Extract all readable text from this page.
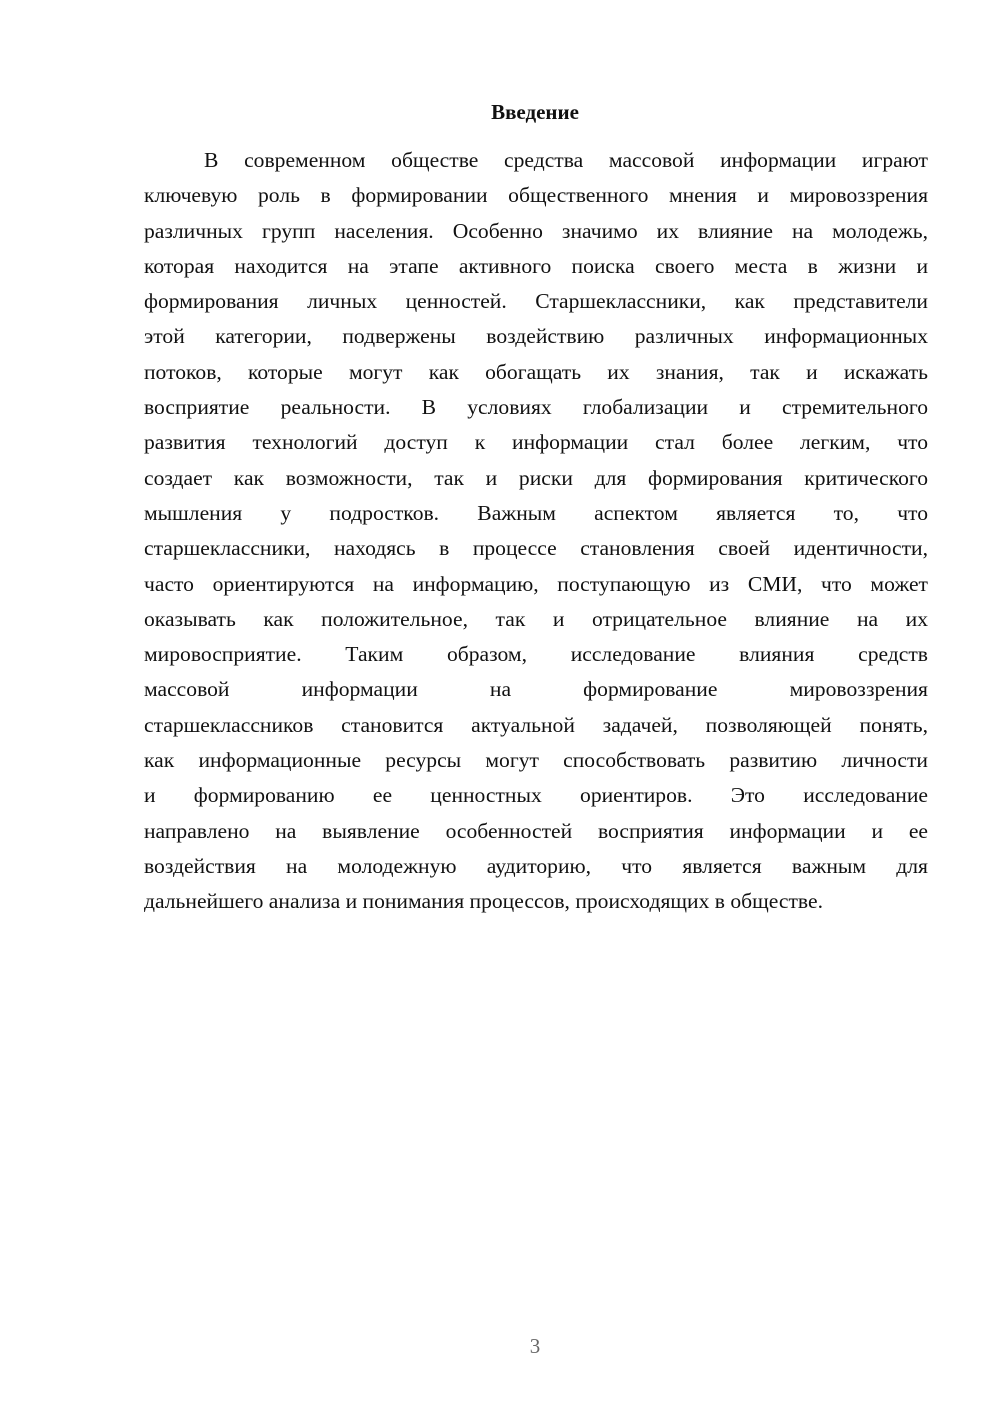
Введение
В современном обществе средства массовой информации играют
ключевую роль в формировании общественного мнения и мировоззрения
различных групп населения. Особенно значимо их влияние на молодежь,
которая находится на этапе активного поиска своего места в жизни и
формирования личных ценностей. Старшеклассники, как представители
этой категории, подвержены воздействию различных информационных
потоков, которые могут как обогащать их знания, так и искажать
восприятие реальности. В условиях глобализации и стремительного
развития технологий доступ к информации стал более легким, что
создает как возможности, так и риски для формирования критического
мышления у подростков. Важным аспектом является то, что
старшеклассники, находясь в процессе становления своей идентичности,
часто ориентируются на информацию, поступающую из СМИ, что может
оказывать как положительное, так и отрицательное влияние на их
мировосприятие. Таким образом, исследование влияния средств
массовой информации на формирование мировоззрения
старшеклассников становится актуальной задачей, позволяющей понять,
как информационные ресурсы могут способствовать развитию личности
и формированию ее ценностных ориентиров. Это исследование
направлено на выявление особенностей восприятия информации и ее
воздействия на молодежную аудиторию, что является важным для
дальнейшего анализа и понимания процессов, происходящих в обществе.
3
